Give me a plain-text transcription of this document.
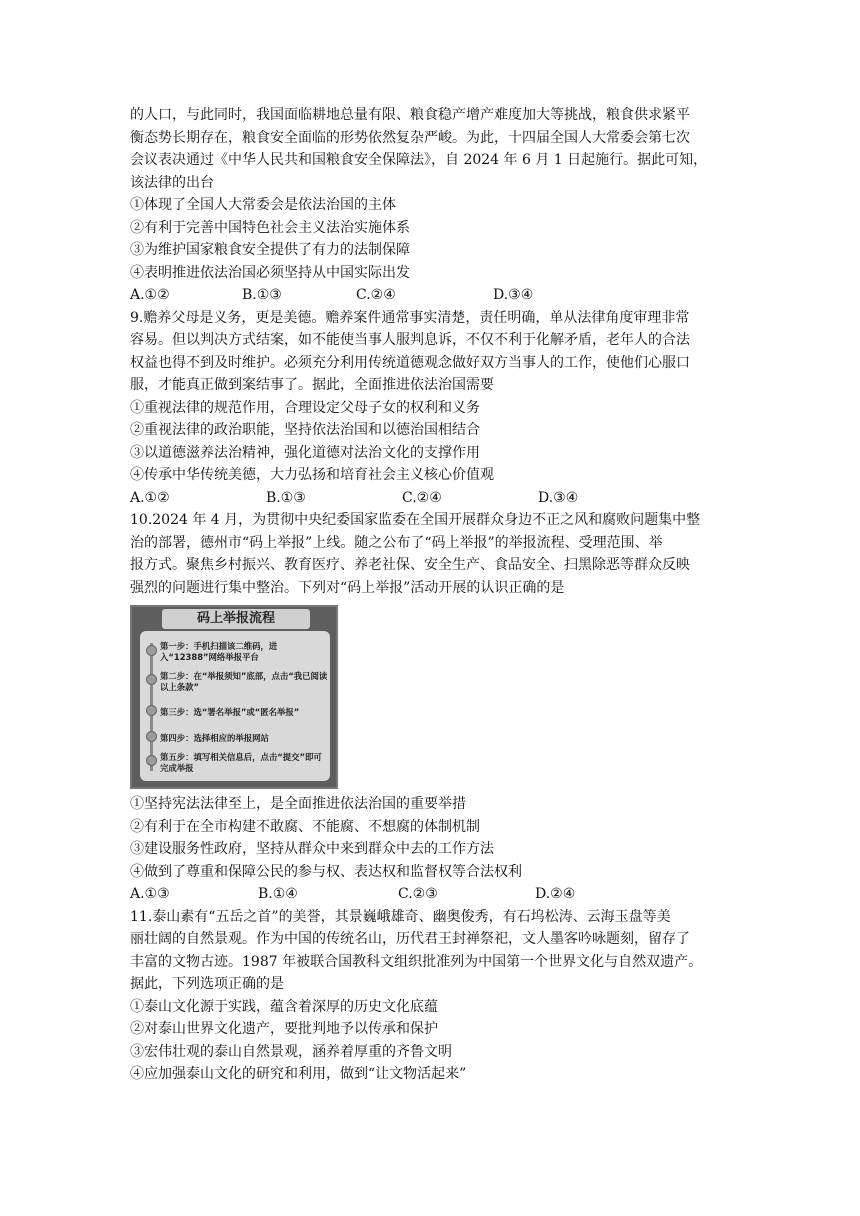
的人口，与此同时，我国面临耕地总量有限、粮食稳产增产难度加大等挑战，粮食供求紧平
衡态势长期存在，粮食安全面临的形势依然复杂严峻。为此，十四届全国人大常委会第七次
会议表决通过《中华人民共和国粮食安全保障法》，自 2024 年 6 月 1 日起施行。据此可知，
该法律的出台
①体现了全国人大常委会是依法治国的主体
②有利于完善中国特色社会主义法治实施体系
③为维护国家粮食安全提供了有力的法制保障
④表明推进依法治国必须坚持从中国实际出发
A.①②	B.①③	C.②④	D.③④
9.赡养父母是义务，更是美德。赡养案件通常事实清楚，责任明确，单从法律角度审理非常
容易。但以判决方式结案，如不能使当事人服判息诉，不仅不利于化解矛盾，老年人的合法
权益也得不到及时维护。必须充分利用传统道德观念做好双方当事人的工作，使他们心服口
服，才能真正做到案结事了。据此，全面推进依法治国需要
①重视法律的规范作用，合理设定父母子女的权利和义务
②重视法律的政治职能，坚持依法治国和以德治国相结合
③以道德滋养法治精神，强化道德对法治文化的支撑作用
④传承中华传统美德，大力弘扬和培育社会主义核心价值观
A.①②	B.①③	C.②④	D.③④
10.2024 年 4 月，为贯彻中央纪委国家监委在全国开展群众身边不正之风和腐败问题集中整
治的部署，德州市“码上举报”上线。随之公布了“码上举报”的举报流程、受理范围、举
报方式。聚焦乡村振兴、教育医疗、养老社保、安全生产、食品安全、扫黑除恶等群众反映
强烈的问题进行集中整治。下列对“码上举报”活动开展的认识正确的是
码上举报流程
第一步：手机扫描该二维码，进入“12388”网络举报平台
第二步：在“举报须知”底部，点击“我已阅读以上条款”
第三步：选“署名举报”或“匿名举报”
第四步：选择相应的举报网站
第五步：填写相关信息后，点击“提交”即可完成举报
①坚持宪法法律至上，是全面推进依法治国的重要举措
②有利于在全市构建不敢腐、不能腐、不想腐的体制机制
③建设服务性政府，坚持从群众中来到群众中去的工作方法
④做到了尊重和保障公民的参与权、表达权和监督权等合法权利
A.①③	B.①④	C.②③	D.②④
11.泰山素有“五岳之首”的美誉，其景巍峨雄奇、幽奥俊秀，有石坞松涛、云海玉盘等美
丽壮阔的自然景观。作为中国的传统名山，历代君王封禅祭祀，文人墨客吟咏题刻，留存了
丰富的文物古迹。1987 年被联合国教科文组织批准列为中国第一个世界文化与自然双遗产。
据此，下列选项正确的是
①泰山文化源于实践，蕴含着深厚的历史文化底蕴
②对泰山世界文化遗产，要批判地予以传承和保护
③宏伟壮观的泰山自然景观，涵养着厚重的齐鲁文明
④应加强泰山文化的研究和利用，做到“让文物活起来”
